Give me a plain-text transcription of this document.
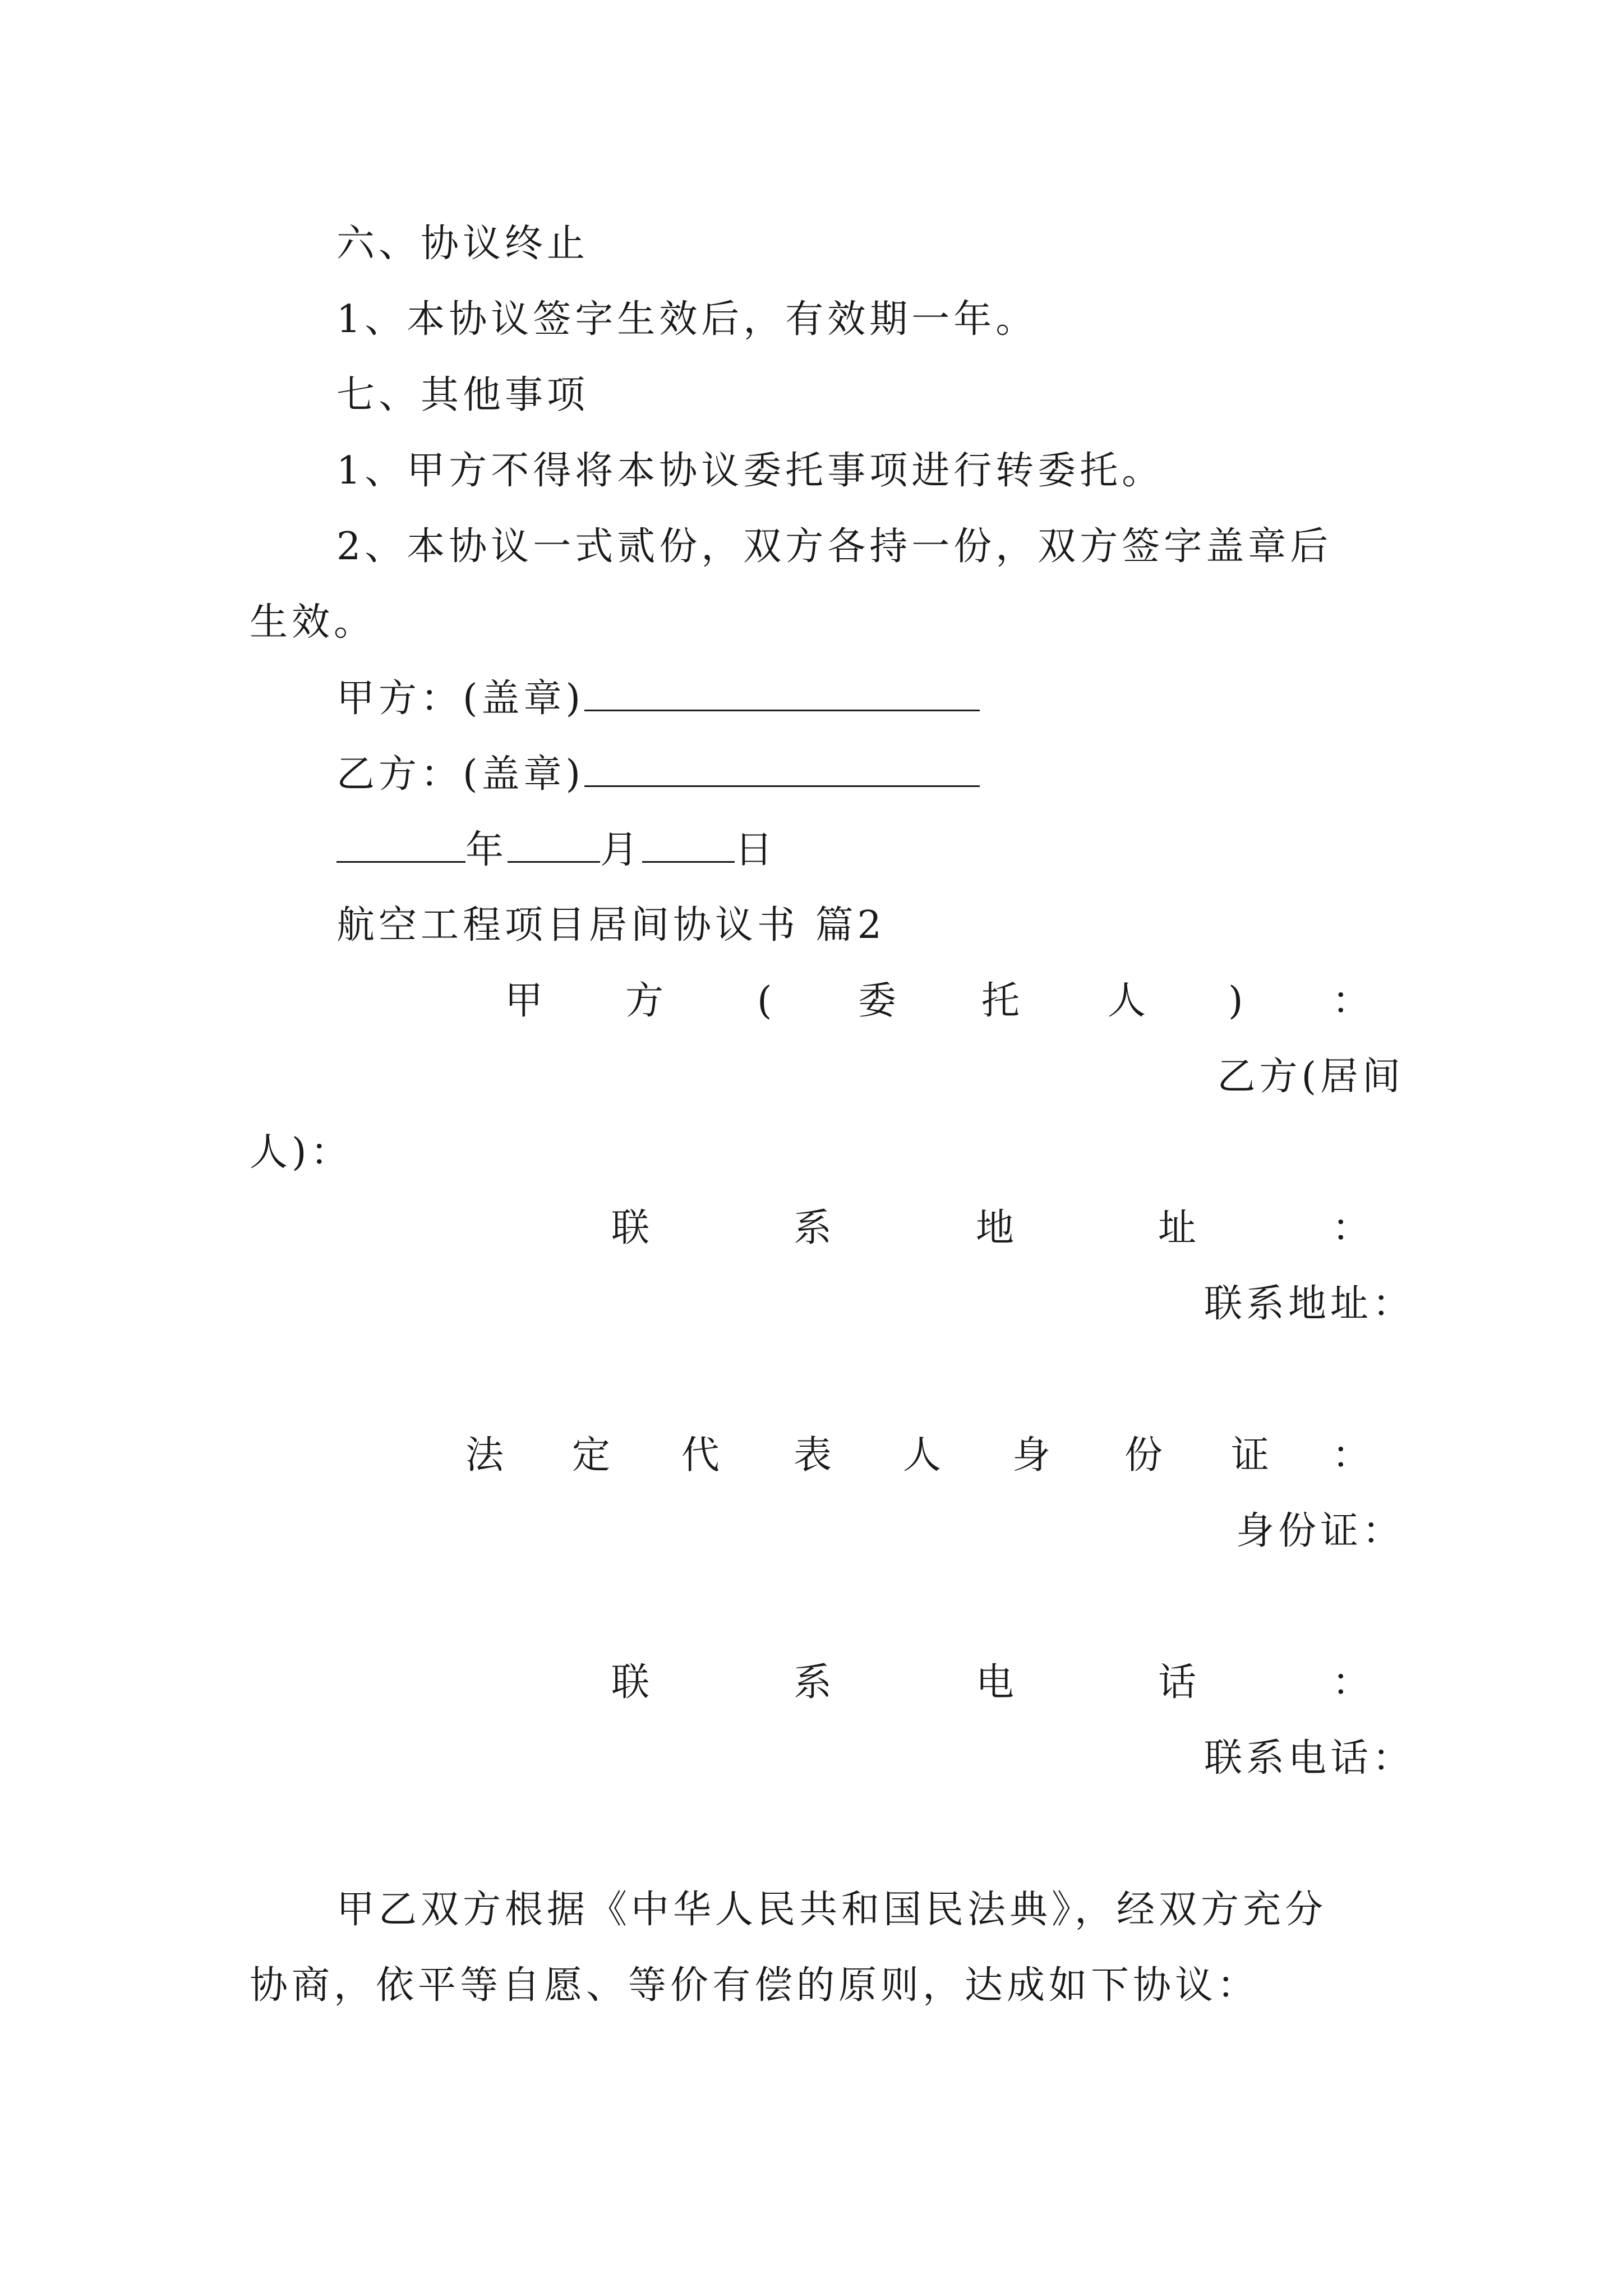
六、协议终止
1、本协议签字生效后，有效期一年。
七、其他事项
1、甲方不得将本协议委托事项进行转委托。
2、本协议一式贰份，双方各持一份，双方签字盖章后
生效。
甲方：(盖章)
乙方：(盖章)
年 月 日
航空工程项目居间协议书 篇2
甲 方 ( 委 托 人 ) ：
乙方(居间
人)：
联	系	地	址	：
联系地址：
法 定 代 表 人 身 份 证 ：
身份证：
联	系	电	话	：
联系电话：
甲乙双方根据《中华人民共和国民法典》，经双方充分
协商，依平等自愿、等价有偿的原则，达成如下协议：
